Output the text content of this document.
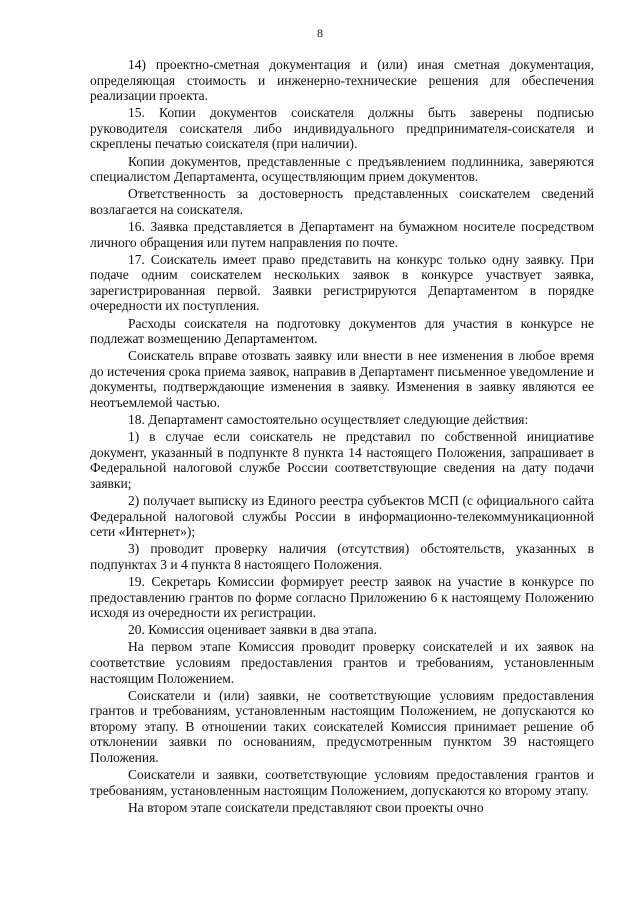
8

14) проектно-сметная документация и (или) иная сметная документация, определяющая стоимость и инженерно-технические решения для обеспечения реализации проекта.

15. Копии документов соискателя должны быть заверены подписью руководителя соискателя либо индивидуального предпринимателя-соискателя и скреплены печатью соискателя (при наличии).

Копии документов, представленные с предъявлением подлинника, заверяются специалистом Департамента, осуществляющим прием документов.

Ответственность за достоверность представленных соискателем сведений возлагается на соискателя.

16. Заявка представляется в Департамент на бумажном носителе посредством личного обращения или путем направления по почте.

17. Соискатель имеет право представить на конкурс только одну заявку. При подаче одним соискателем нескольких заявок в конкурсе участвует заявка, зарегистрированная первой. Заявки регистрируются Департаментом в порядке очередности их поступления.

Расходы соискателя на подготовку документов для участия в конкурсе не подлежат возмещению Департаментом.

Соискатель вправе отозвать заявку или внести в нее изменения в любое время до истечения срока приема заявок, направив в Департамент письменное уведомление и документы, подтверждающие изменения в заявку. Изменения в заявку являются ее неотъемлемой частью.

18. Департамент самостоятельно осуществляет следующие действия:

1) в случае если соискатель не представил по собственной инициативе документ, указанный в подпункте 8 пункта 14 настоящего Положения, запрашивает в Федеральной налоговой службе России соответствующие сведения на дату подачи заявки;

2) получает выписку из Единого реестра субъектов МСП (с официального сайта Федеральной налоговой службы России в информационно-телекоммуникационной сети «Интернет»);

3) проводит проверку наличия (отсутствия) обстоятельств, указанных в подпунктах 3 и 4 пункта 8 настоящего Положения.

19. Секретарь Комиссии формирует реестр заявок на участие в конкурсе по предоставлению грантов по форме согласно Приложению 6 к настоящему Положению исходя из очередности их регистрации.

20. Комиссия оценивает заявки в два этапа.

На первом этапе Комиссия проводит проверку соискателей и их заявок на соответствие условиям предоставления грантов и требованиям, установленным настоящим Положением.

Соискатели и (или) заявки, не соответствующие условиям предоставления грантов и требованиям, установленным настоящим Положением, не допускаются ко второму этапу. В отношении таких соискателей Комиссия принимает решение об отклонении заявки по основаниям, предусмотренным пунктом 39 настоящего Положения.

Соискатели и заявки, соответствующие условиям предоставления грантов и требованиям, установленным настоящим Положением, допускаются ко второму этапу.

На втором этапе соискатели представляют свои проекты очно
